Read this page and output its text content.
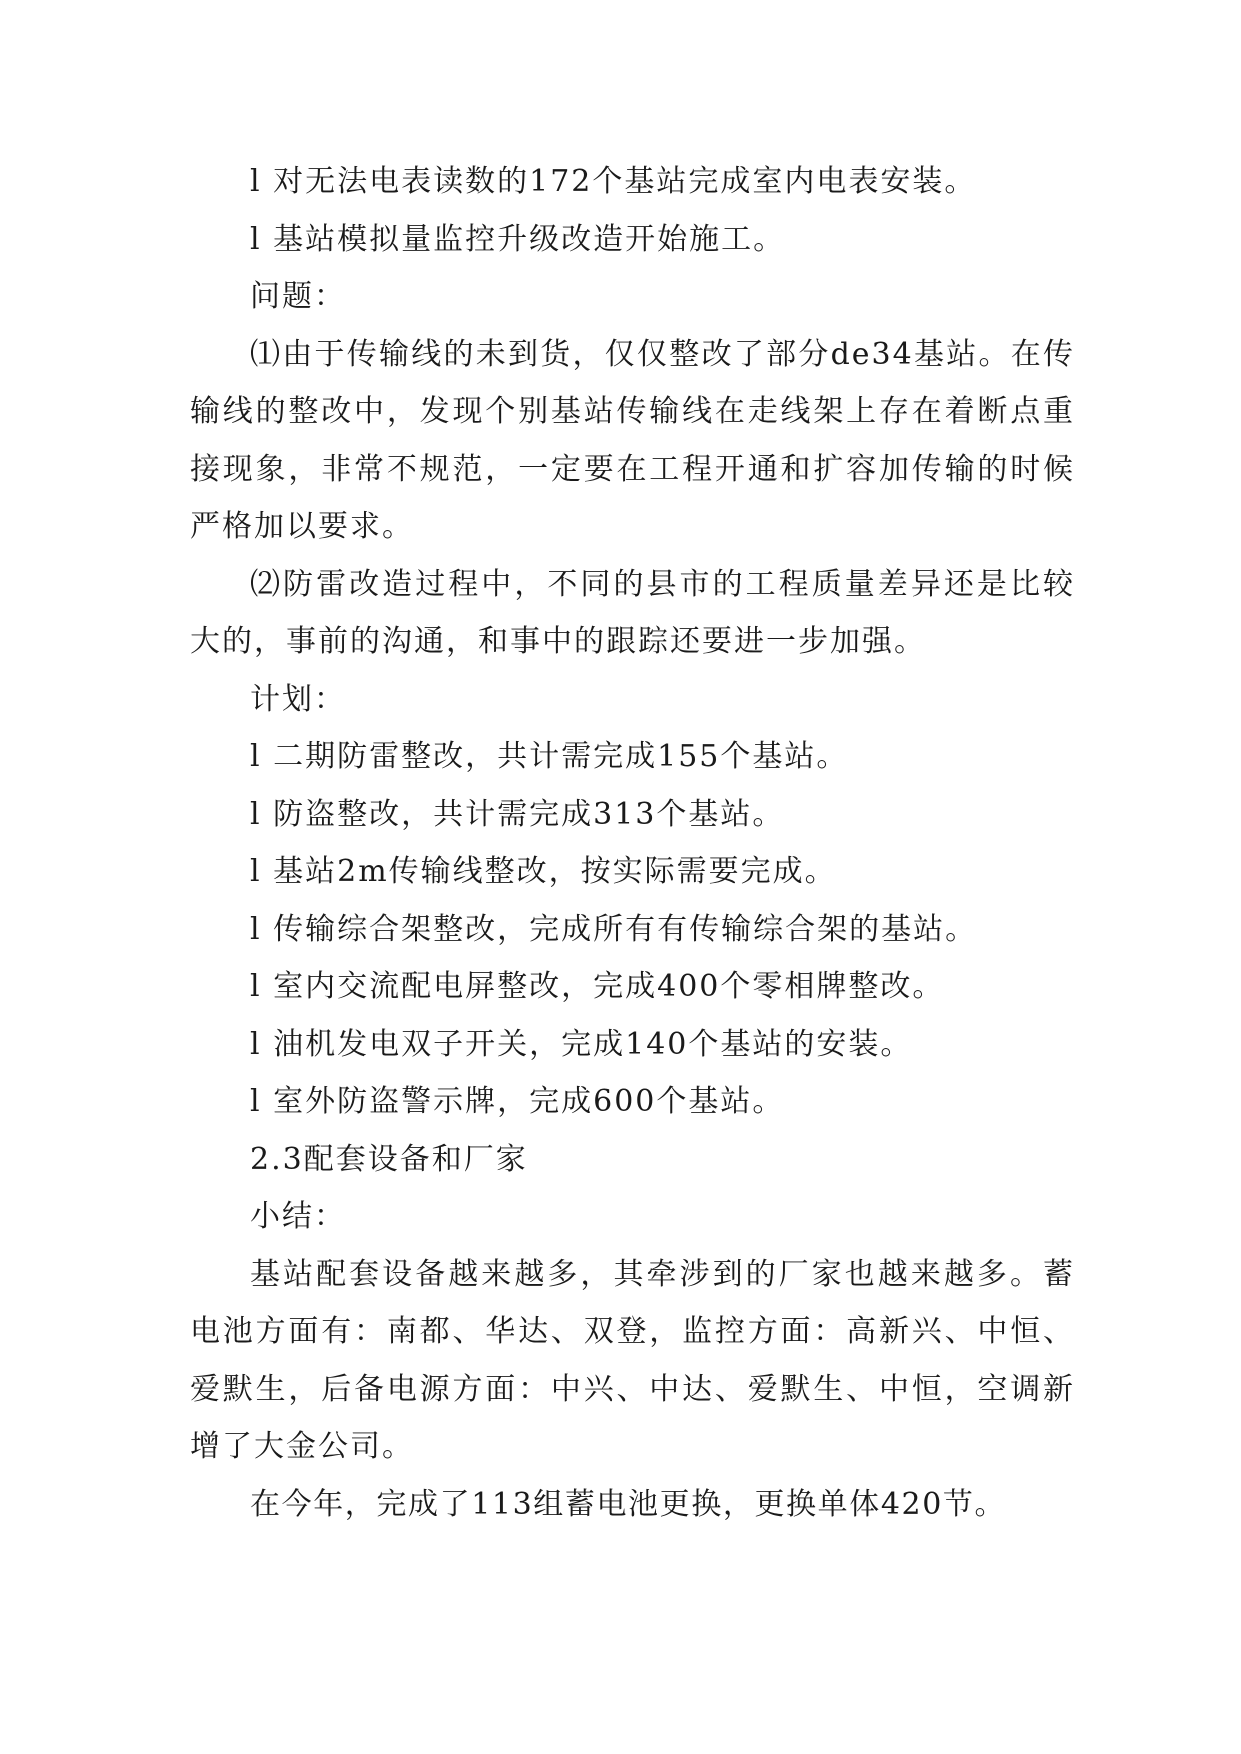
l 对无法电表读数的172个基站完成室内电表安装。

l 基站模拟量监控升级改造开始施工。

问题：

⑴由于传输线的未到货，仅仅整改了部分de34基站。在传输线的整改中，发现个别基站传输线在走线架上存在着断点重接现象，非常不规范，一定要在工程开通和扩容加传输的时候严格加以要求。

⑵防雷改造过程中，不同的县市的工程质量差异还是比较大的，事前的沟通，和事中的跟踪还要进一步加强。

计划：

l 二期防雷整改，共计需完成155个基站。

l 防盗整改，共计需完成313个基站。

l 基站2m传输线整改，按实际需要完成。

l 传输综合架整改，完成所有有传输综合架的基站。

l 室内交流配电屏整改，完成400个零相牌整改。

l 油机发电双子开关，完成140个基站的安装。

l 室外防盗警示牌，完成600个基站。

2.3配套设备和厂家

小结：

基站配套设备越来越多，其牵涉到的厂家也越来越多。蓄电池方面有：南都、华达、双登，监控方面：高新兴、中恒、爱默生，后备电源方面：中兴、中达、爱默生、中恒，空调新增了大金公司。

在今年，完成了113组蓄电池更换，更换单体420节。
